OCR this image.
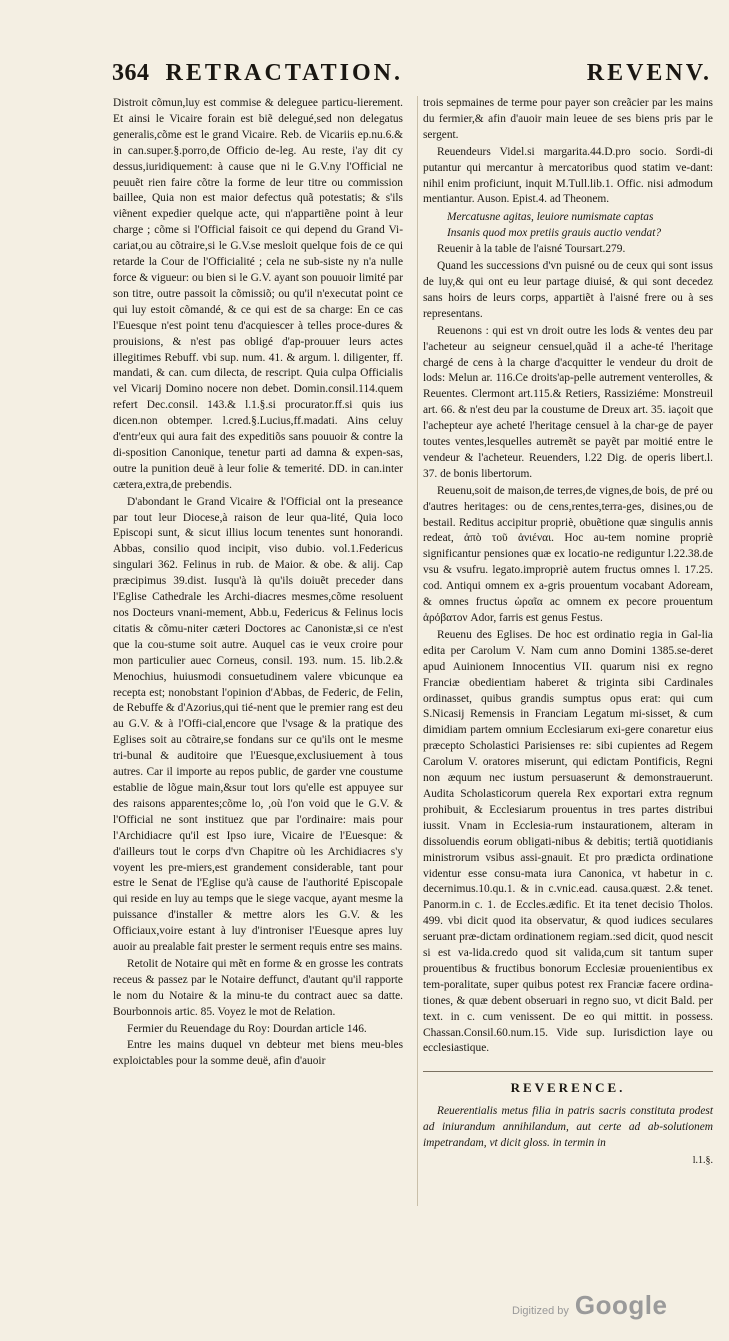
364 RETRACTATION.	REVENV.

Distroit cõmun,luy est commise & deleguee particu-lierement. Et ainsi le Vicaire forain est biẽ delegué,sed non delegatus generalis,cõme est le grand Vicaire. Reb. de Vicariis ep.nu.6.& in can.super.§.porro,de Officio de-leg. Au reste, i'ay dit cy dessus,iuridiquement: à cause que ni le G.V.ny l'Official ne peuuẽt rien faire cõtre la forme de leur titre ou commission baillee, Quia non est maior defectus quã potestatis; & s'ils viẽnent expedier quelque acte, qui n'appartiẽne point à leur charge ; cõme si l'Official faisoit ce qui depend du Grand Vi-cariat,ou au cõtraire,si le G.V.se mesloit quelque fois de ce qui retarde la Cour de l'Officialité ; cela ne sub-siste ny n'a nulle force & vigueur: ou bien si le G.V. ayant son pouuoir limité par son titre, outre passoit la cõmissiõ; ou qu'il n'executat point ce qui luy estoit cõmandé, & ce qui est de sa charge: En ce cas l'Euesque n'est point tenu d'acquiescer à telles proce-dures & prouisions, & n'est pas obligé d'ap-prouuer leurs actes illegitimes Rebuff. vbi sup. num. 41. & argum. l. diligenter, ff. mandati, & can. cum dilecta, de rescript. Quia culpa Officialis vel Vicarij Domino nocere non debet. Domin.consil.114.quem refert Dec.consil. 143.& l.1.§.si procurator.ff.si quis ius dicen.non obtemper. l.cred.§.Lucius,ff.madati. Ains celuy d'entr'eux qui aura fait des expeditiõs sans pouuoir & contre la di-sposition Canonique, tenetur parti ad damna & expen-sas, outre la punition deuë à leur folie & temerité. DD. in can.inter cætera,extra,de prebendis.

D'abondant le Grand Vicaire & l'Official ont la preseance par tout leur Diocese,à raison de leur qua-lité, Quia loco Episcopi sunt, & sicut illius locum tenentes sunt honorandi. Abbas, consilio quod incipit, viso dubio. vol.1.Federicus singulari 362. Felinus in rub. de Maior. & obe. & alij. Cap præcipimus 39.dist. Iusqu'à là qu'ils doiuẽt preceder dans l'Eglise Cathedrale les Archi-diacres mesmes,cõme resoluent nos Docteurs vnani-mement, Abb.u, Federicus & Felinus locis citatis & cõmu-niter cæteri Doctores ac Canonistæ,si ce n'est que la cou-stume soit autre. Auquel cas ie veux croire pour mon particulier auec Corneus, consil. 193. num. 15. lib.2.& Menochius, huiusmodi consuetudinem valere vbicunque ea recepta est; nonobstant l'opinion d'Abbas, de Federic, de Felin, de Rebuffe & d'Azorius,qui tié-nent que le premier rang est deu au G.V. & à l'Offi-cial,encore que l'vsage & la pratique des Eglises soit au cõtraire,se fondans sur ce qu'ils ont le mesme tri-bunal & auditoire que l'Euesque,exclusiuement à tous autres. Car il importe au repos public, de garder vne coustume establie de lõgue main,&sur tout lors qu'elle est appuyee sur des raisons apparentes;cõme lo, ,où l'on void que le G.V. & l'Official ne sont instituez que par l'ordinaire: mais pour l'Archidiacre qu'il est Ipso iure, Vicaire de l'Euesque: & d'ailleurs tout le corps d'vn Chapitre où les Archidiacres s'y voyent les pre-miers,est grandement considerable, tant pour estre le Senat de l'Eglise qu'à cause de l'authorité Episcopale qui reside en luy au temps que le siege vacque, ayant mesme la puissance d'installer & mettre alors les G.V. & les Officiaux,voire estant à luy d'introniser l'Euesque apres luy auoir au prealable fait prester le serment requis entre ses mains.

Retolit de Notaire qui mẽt en forme & en grosse les contrats receus & passez par le Notaire deffunct, d'autant qu'il rapporte le nom du Notaire & la minu-te du contract auec sa datte. Bourbonnois artic. 85. Voyez le mot de Relation.

Fermier du Reuendage du Roy: Dourdan article 146.

Entre les mains duquel vn debteur met biens meu-bles exploictables pour la somme deuë, afin d'auoir

trois sepmaines de terme pour payer son creãcier par les mains du fermier,& afin d'auoir main leuee de ses biens pris par le sergent.

Reuendeurs Videl.si margarita.44.D.pro socio. Sordi-di putantur qui mercantur à mercatoribus quod statim ve-dant: nihil enim proficiunt, inquit M.Tull.lib.1. Offic. nisi admodum mentiantur. Auson. Epist.4. ad Theonem.

Mercatusne agitas, leuiore numismate captas
Insanis quod mox pretiis grauis auctio vendat?

Reuenir à la table de l'aisné Toursart.279.

Quand les successions d'vn puisné ou de ceux qui sont issus de luy,& qui ont eu leur partage diuisé, & qui sont decedez sans hoirs de leurs corps, appartiẽt à l'aisné frere ou à ses representans.

Reuenons : qui est vn droit outre les lods & ventes deu par l'acheteur au seigneur censuel,quãd il a ache-té l'heritage chargé de cens à la charge d'acquitter le vendeur du droit de lods: Melun ar. 116.Ce droits'ap-pelle autrement venterolles, & Reuentes. Clermont art.115.& Retiers, Rassiziéme: Monstreuil art. 66. & n'est deu par la coustume de Dreux art. 35. iaçoit que l'achepteur aye acheté l'heritage censuel à la char-ge de payer toutes ventes,lesquelles autremẽt se payẽt par moitié entre le vendeur & l'acheteur. Reuenders, l.22 Dig. de operis libert.l. 37. de bonis libertorum.

Reuenu,soit de maison,de terres,de vignes,de bois, de pré ou d'autres heritages: ou de cens,rentes,terra-ges, disines,ou de bestail. Reditus accipitur propriè, obuẽtione quæ singulis annis redeat, ἀπὸ τοῦ ἀνιέναι. Hoc au-tem nomine propriè significantur pensiones quæ ex locatio-ne rediguntur l.22.38.de vsu & vsufru. legato.impropriè autem fructus omnes l. 17.25. cod. Antiqui omnem ex a-gris prouentum vocabant Adoream, & omnes fructus ὡραῖα ac omnem ex pecore prouentum ἀρόβατον Ador, farris est genus Festus.

Reuenu des Eglises. De hoc est ordinatio regia in Gal-lia edita per Carolum V. Nam cum anno Domini 1385.se-deret apud Auinionem Innocentius VII. quarum nisi ex regno Franciæ obedientiam haberet & triginta sibi Cardinales ordinasset, quibus grandis sumptus opus erat: qui cum S.Nicasij Remensis in Franciam Legatum mi-sisset, & cum dimidiam partem omnium Ecclesiarum exi-gere conaretur eius præcepto Scholastici Parisienses re: sibi cupientes ad Regem Carolum V. oratores miserunt, qui edictam Pontificis, Regni non æquum nec iustum persuaserunt & demonstrauerunt. Audita Scholasticorum querela Rex exportari extra regnum prohibuit, & Ecclesiarum prouentus in tres partes distribui iussit. Vnam in Ecclesia-rum instaurationem, alteram in dissoluendis eorum obligati-nibus & debitis; tertiã quotidianis ministrorum vsibus assi-gnauit. Et pro prædicta ordinatione videntur esse consu-mata iura Canonica, vt habetur in c. decernimus.10.qu.1. & in c.vnic.ead. causa.quæst. 2.& tenet. Panorm.in c. 1. de Eccles.ædific. Et ita tenet decisio Tholos. 499. vbi dicit quod ita observatur, & quod iudices seculares seruant præ-dictam ordinationem regiam.:sed dicit, quod nescit si est va-lida.credo quod sit valida,cum sit tantum super prouentibus & fructibus bonorum Ecclesiæ prouenientibus ex tem-poralitate, super quibus potest rex Franciæ facere ordina-tiones, & quæ debent obseruari in regno suo, vt dicit Bald. per text. in c. cum venissent. De eo qui mittit. in possess. Chassan.Consil.60.num.15. Vide sup. Iurisdiction laye ou ecclesiastique.

REVERENCE.

Reuerentialis metus filia in patris sacris constituta prodest ad iniurandum annihilandum, aut certe ad ab-solutionem impetrandam, vt dicit gloss. in termin in

l.1.§.
Digitized by Google
